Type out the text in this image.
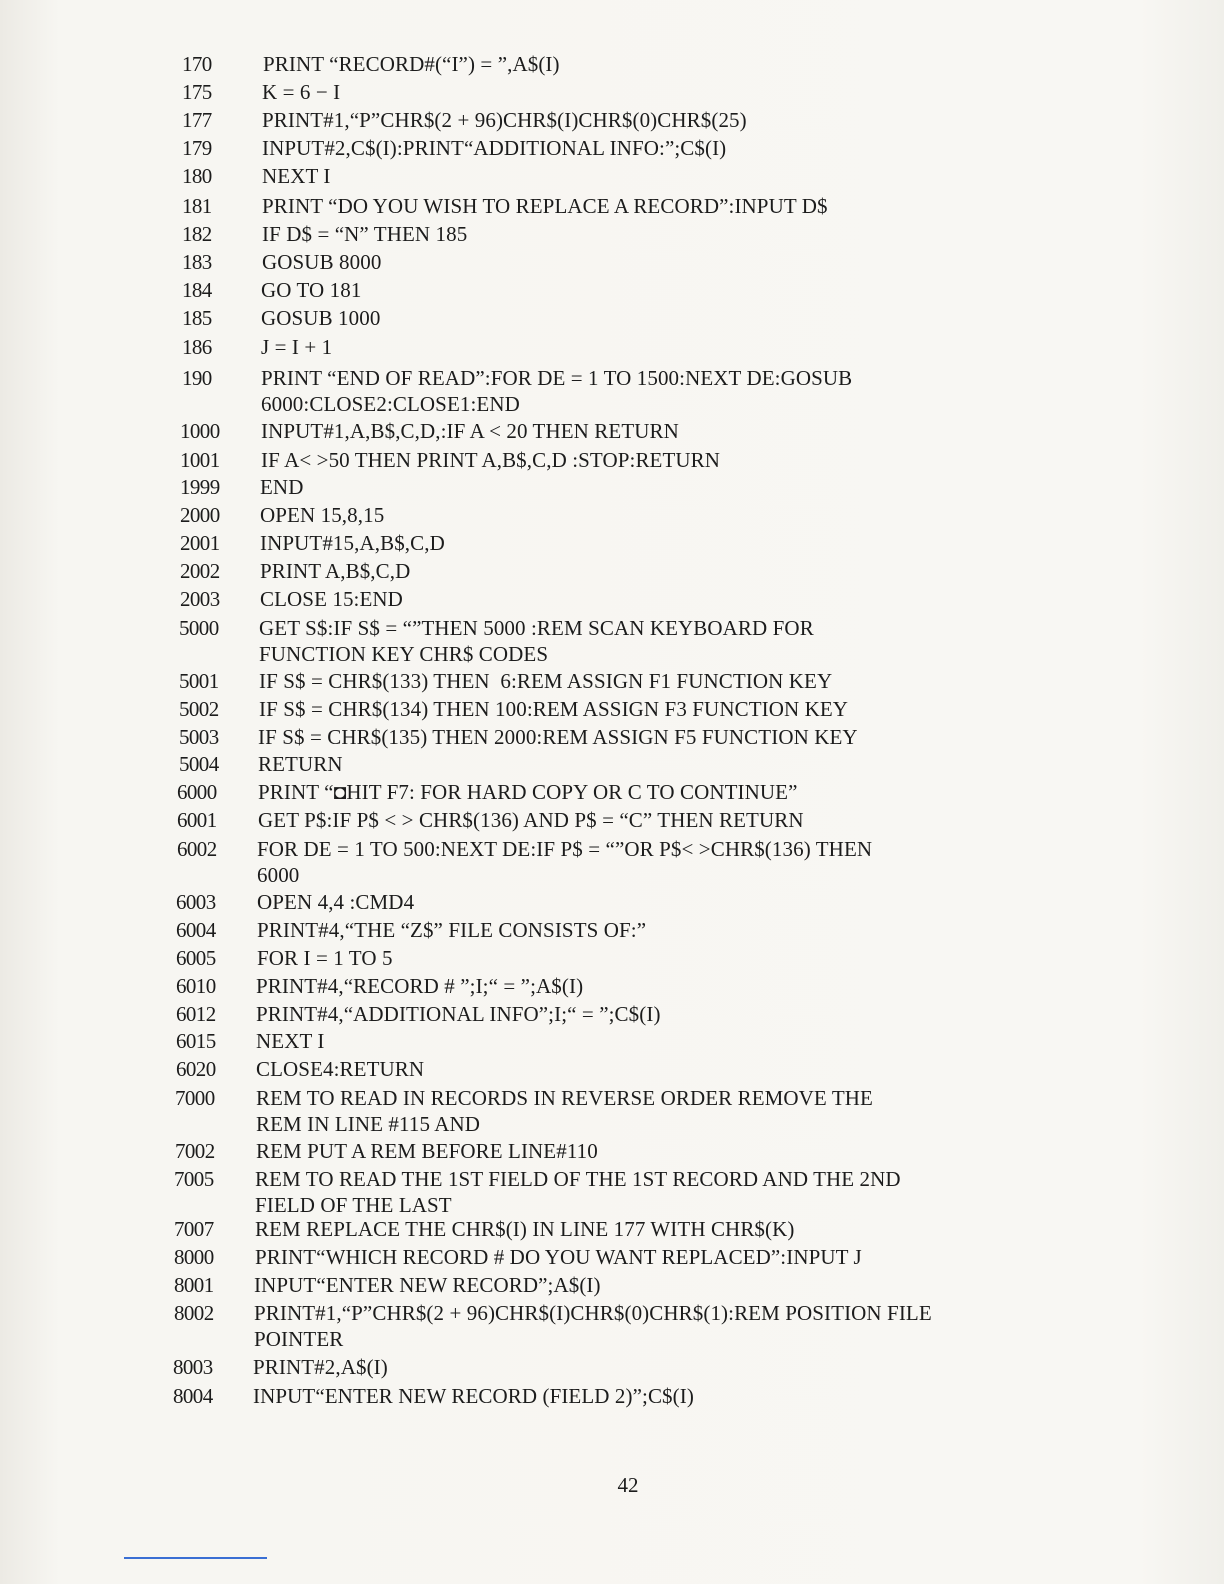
170	PRINT “RECORD#(“I”) = ”,A$(I)
175	K = 6 − I
177	PRINT#1,“P”CHR$(2 + 96)CHR$(I)CHR$(0)CHR$(25)
179	INPUT#2,C$(I):PRINT“ADDITIONAL INFO:”;C$(I)
180	NEXT I
181	PRINT “DO YOU WISH TO REPLACE A RECORD”:INPUT D$
182	IF D$ = “N” THEN 185
183	GOSUB 8000
184	GO TO 181
185	GOSUB 1000
186	J = I + 1
190	PRINT “END OF READ”:FOR DE = 1 TO 1500:NEXT DE:GOSUB
6000:CLOSE2:CLOSE1:END
1000	INPUT#1,A,B$,C,D,:IF A < 20 THEN RETURN
1001	IF A< >50 THEN PRINT A,B$,C,D :STOP:RETURN
1999	END
2000	OPEN 15,8,15
2001	INPUT#15,A,B$,C,D
2002	PRINT A,B$,C,D
2003	CLOSE 15:END
5000	GET S$:IF S$ = “”THEN 5000 :REM SCAN KEYBOARD FOR
FUNCTION KEY CHR$ CODES
5001	IF S$ = CHR$(133) THEN  6:REM ASSIGN F1 FUNCTION KEY
5002	IF S$ = CHR$(134) THEN 100:REM ASSIGN F3 FUNCTION KEY
5003	IF S$ = CHR$(135) THEN 2000:REM ASSIGN F5 FUNCTION KEY
5004	RETURN
6000	PRINT “◘HIT F7: FOR HARD COPY OR C TO CONTINUE”
6001	GET P$:IF P$ < > CHR$(136) AND P$ = “C” THEN RETURN
6002	FOR DE = 1 TO 500:NEXT DE:IF P$ = “”OR P$< >CHR$(136) THEN
6000
6003	OPEN 4,4 :CMD4
6004	PRINT#4,“THE “Z$” FILE CONSISTS OF:”
6005	FOR I = 1 TO 5
6010	PRINT#4,“RECORD # ”;I;“ = ”;A$(I)
6012	PRINT#4,“ADDITIONAL INFO”;I;“ = ”;C$(I)
6015	NEXT I
6020	CLOSE4:RETURN
7000	REM TO READ IN RECORDS IN REVERSE ORDER REMOVE THE
REM IN LINE #115 AND
7002	REM PUT A REM BEFORE LINE#110
7005	REM TO READ THE 1ST FIELD OF THE 1ST RECORD AND THE 2ND
FIELD OF THE LAST
7007	REM REPLACE THE CHR$(I) IN LINE 177 WITH CHR$(K)
8000	PRINT“WHICH RECORD # DO YOU WANT REPLACED”:INPUT J
8001	INPUT“ENTER NEW RECORD”;A$(I)
8002	PRINT#1,“P”CHR$(2 + 96)CHR$(I)CHR$(0)CHR$(1):REM POSITION FILE
POINTER
8003	PRINT#2,A$(I)
8004	INPUT“ENTER NEW RECORD (FIELD 2)”;C$(I)
42
